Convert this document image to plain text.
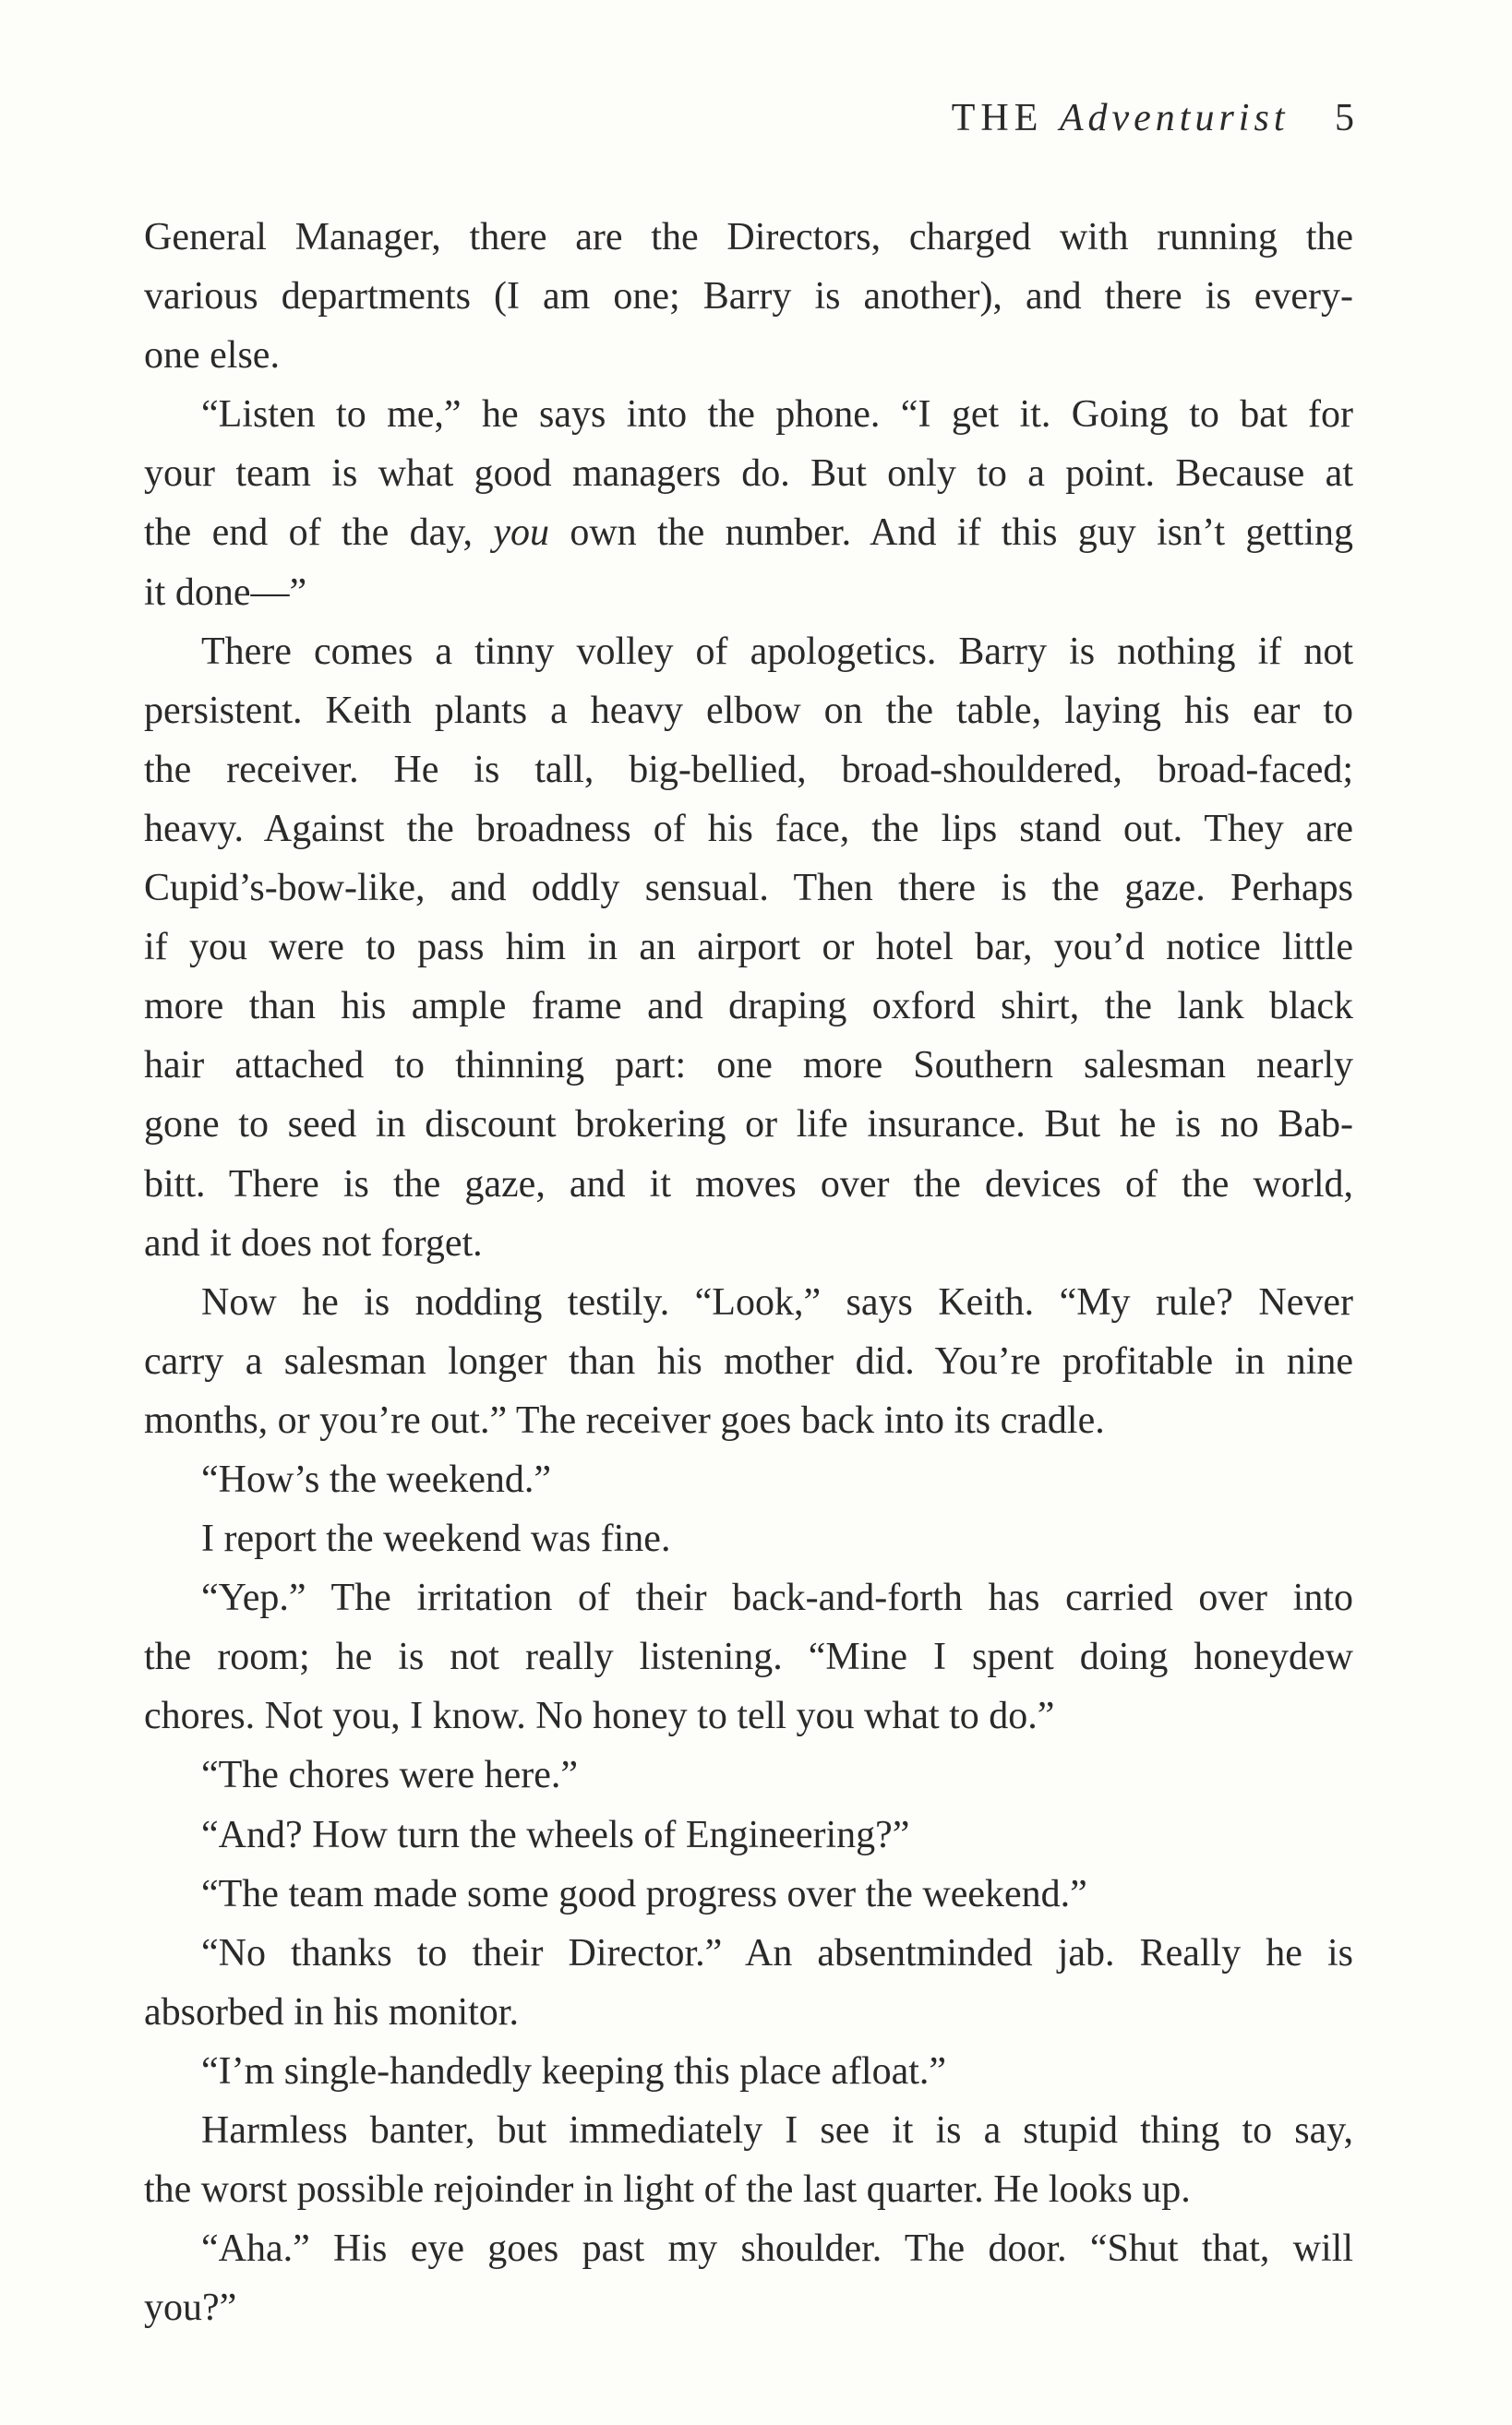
THE Adventurist 5
General Manager, there are the Directors, charged with running the
various departments (I am one; Barry is another), and there is every-
one else.
“Listen to me,” he says into the phone. “I get it. Going to bat for
your team is what good managers do. But only to a point. Because at
the end of the day, you own the number. And if this guy isn’t getting
it done—”
There comes a tinny volley of apologetics. Barry is nothing if not
persistent. Keith plants a heavy elbow on the table, laying his ear to
the receiver. He is tall, big-bellied, broad-shouldered, broad-faced;
heavy. Against the broadness of his face, the lips stand out. They are
Cupid’s-bow-like, and oddly sensual. Then there is the gaze. Perhaps
if you were to pass him in an airport or hotel bar, you’d notice little
more than his ample frame and draping oxford shirt, the lank black
hair attached to thinning part: one more Southern salesman nearly
gone to seed in discount brokering or life insurance. But he is no Bab-
bitt. There is the gaze, and it moves over the devices of the world,
and it does not forget.
Now he is nodding testily. “Look,” says Keith. “My rule? Never
carry a salesman longer than his mother did. You’re profitable in nine
months, or you’re out.” The receiver goes back into its cradle.
“How’s the weekend.”
I report the weekend was fine.
“Yep.” The irritation of their back-and-forth has carried over into
the room; he is not really listening. “Mine I spent doing honeydew
chores. Not you, I know. No honey to tell you what to do.”
“The chores were here.”
“And? How turn the wheels of Engineering?”
“The team made some good progress over the weekend.”
“No thanks to their Director.” An absentminded jab. Really he is
absorbed in his monitor.
“I’m single-handedly keeping this place afloat.”
Harmless banter, but immediately I see it is a stupid thing to say,
the worst possible rejoinder in light of the last quarter. He looks up.
“Aha.” His eye goes past my shoulder. The door. “Shut that, will
you?”
